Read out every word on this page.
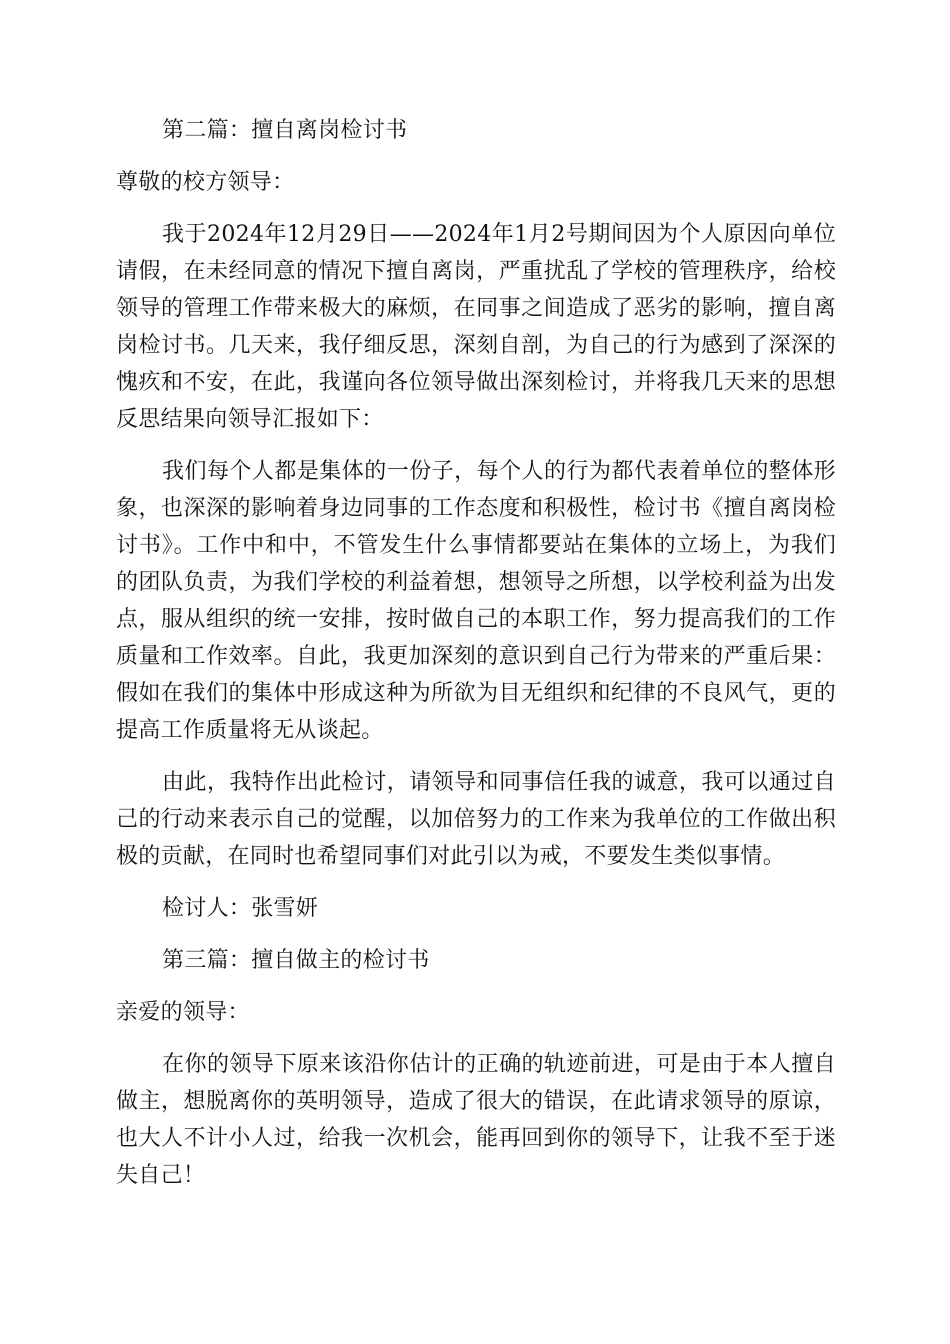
第二篇：擅自离岗检讨书

尊敬的校方领导：

我于2024年12月29日——2024年1月2号期间因为个人原因向单位请假，在未经同意的情况下擅自离岗，严重扰乱了学校的管理秩序，给校领导的管理工作带来极大的麻烦，在同事之间造成了恶劣的影响，擅自离岗检讨书。几天来，我仔细反思，深刻自剖，为自己的行为感到了深深的愧疚和不安，在此，我谨向各位领导做出深刻检讨，并将我几天来的思想反思结果向领导汇报如下：

我们每个人都是集体的一份子，每个人的行为都代表着单位的整体形象，也深深的影响着身边同事的工作态度和积极性，检讨书《擅自离岗检讨书》。工作中和中，不管发生什么事情都要站在集体的立场上，为我们的团队负责，为我们学校的利益着想，想领导之所想，以学校利益为出发点，服从组织的统一安排，按时做自己的本职工作，努力提高我们的工作质量和工作效率。自此，我更加深刻的意识到自己行为带来的严重后果：假如在我们的集体中形成这种为所欲为目无组织和纪律的不良风气，更的提高工作质量将无从谈起。

由此，我特作出此检讨，请领导和同事信任我的诚意，我可以通过自己的行动来表示自己的觉醒，以加倍努力的工作来为我单位的工作做出积极的贡献，在同时也希望同事们对此引以为戒，不要发生类似事情。

检讨人：张雪妍

第三篇：擅自做主的检讨书

亲爱的领导：

在你的领导下原来该沿你估计的正确的轨迹前进，可是由于本人擅自做主，想脱离你的英明领导，造成了很大的错误，在此请求领导的原谅，也大人不计小人过，给我一次机会，能再回到你的领导下，让我不至于迷失自己！
